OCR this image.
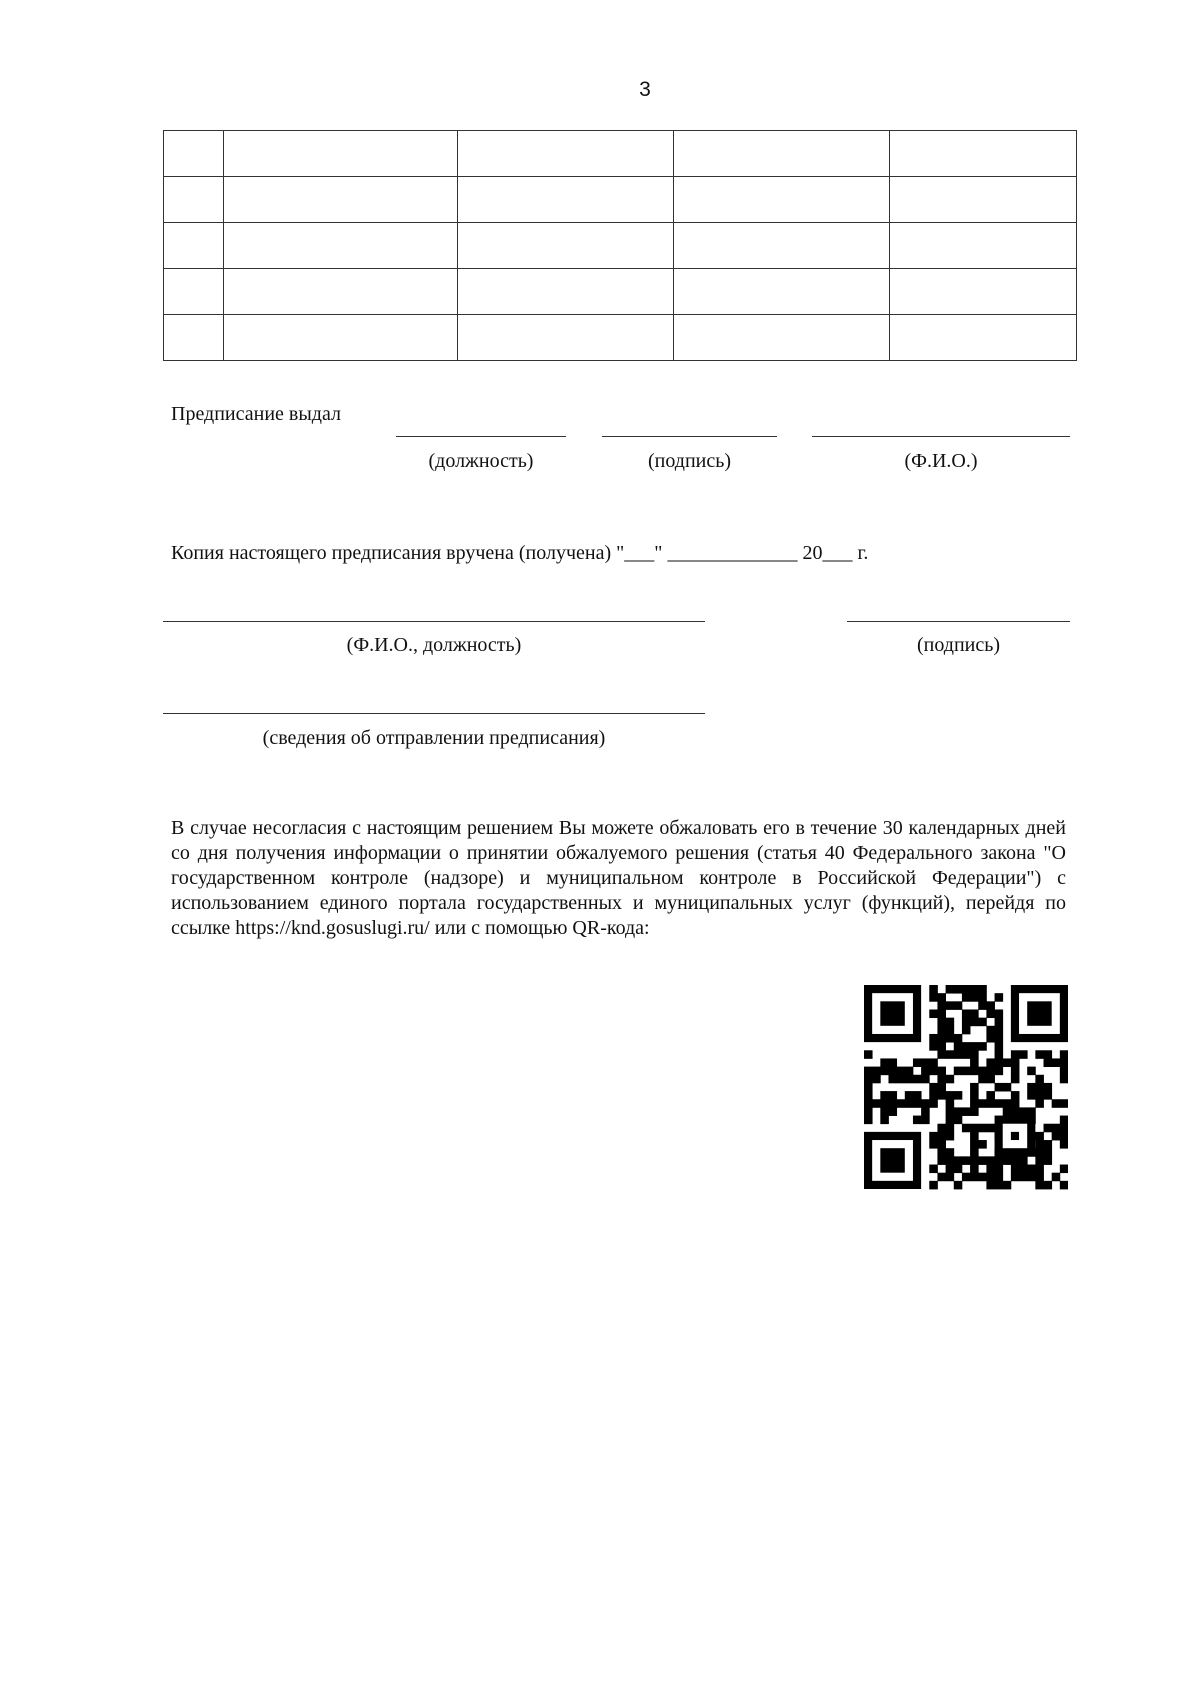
3

Предписание выдал
(должность)	(подпись)	(Ф.И.О.)
Копия настоящего предписания вручена (получена) "___" _____________ 20___ г.
(Ф.И.О., должность)	(подпись)
(сведения об отправлении предписания)
В случае несогласия с настоящим решением Вы можете обжаловать его в течение 30 календарных дней со дня получения информации о принятии обжалуемого решения (статья 40 Федерального закона "О государственном контроле (надзоре) и муниципальном контроле в Российской Федерации") с использованием единого портала государственных и муниципальных услуг (функций), перейдя по ссылке https://knd.gosuslugi.ru/ или с помощью QR-кода:
